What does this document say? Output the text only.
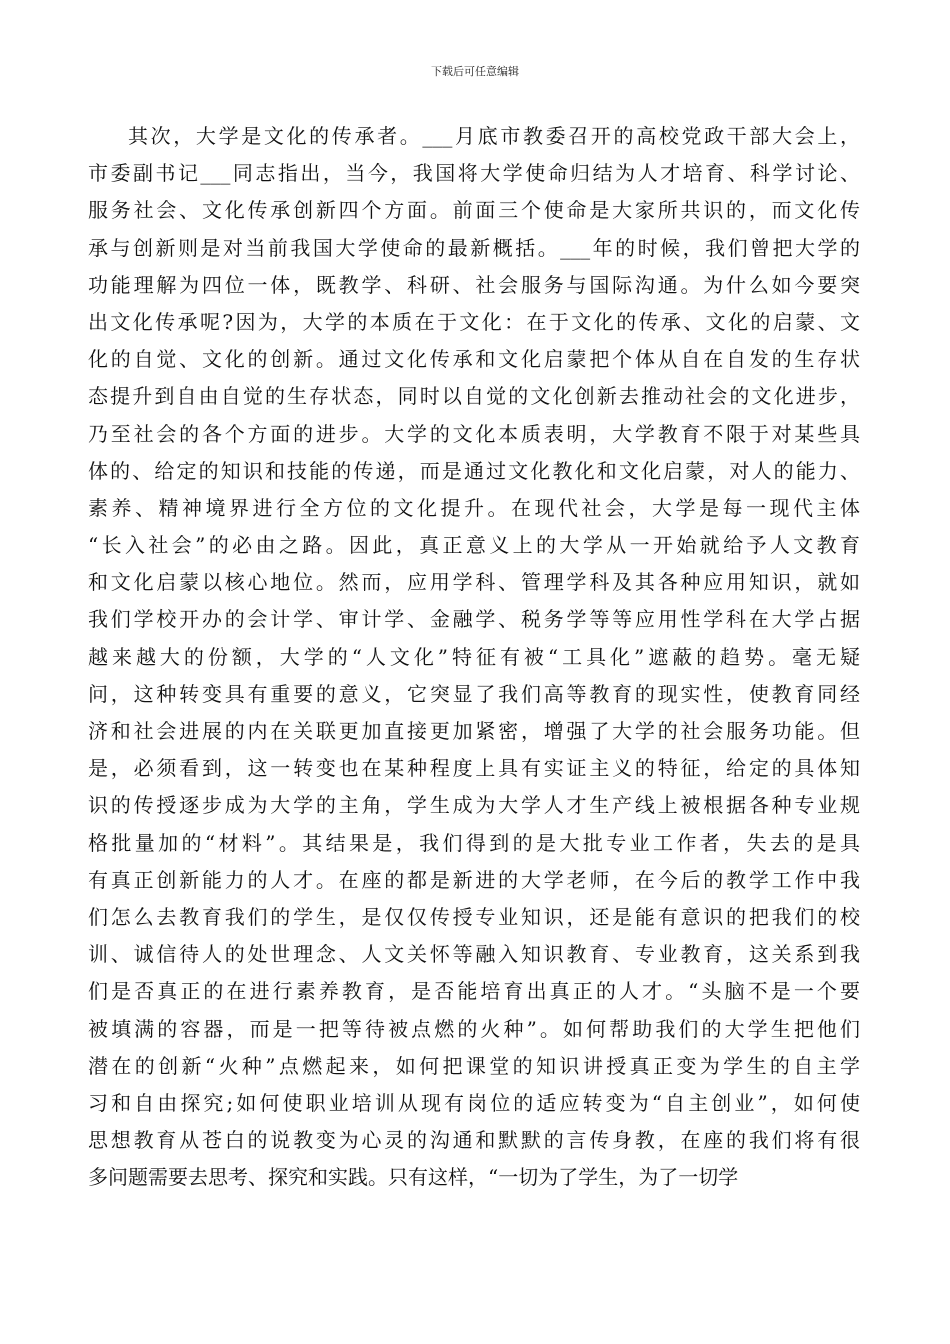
下载后可任意编辑
其次，大学是文化的传承者。___月底市教委召开的高校党政干部大会上，
市委副书记___同志指出，当今，我国将大学使命归结为人才培育、科学讨论、
服务社会、文化传承创新四个方面。前面三个使命是大家所共识的，而文化传
承与创新则是对当前我国大学使命的最新概括。___年的时候，我们曾把大学的
功能理解为四位一体，既教学、科研、社会服务与国际沟通。为什么如今要突
出文化传承呢?因为，大学的本质在于文化：在于文化的传承、文化的启蒙、文
化的自觉、文化的创新。通过文化传承和文化启蒙把个体从自在自发的生存状
态提升到自由自觉的生存状态，同时以自觉的文化创新去推动社会的文化进步，
乃至社会的各个方面的进步。大学的文化本质表明，大学教育不限于对某些具
体的、给定的知识和技能的传递，而是通过文化教化和文化启蒙，对人的能力、
素养、精神境界进行全方位的文化提升。在现代社会，大学是每一现代主体
“长入社会”的必由之路。因此，真正意义上的大学从一开始就给予人文教育
和文化启蒙以核心地位。然而，应用学科、管理学科及其各种应用知识，就如
我们学校开办的会计学、审计学、金融学、税务学等等应用性学科在大学占据
越来越大的份额，大学的“人文化”特征有被“工具化”遮蔽的趋势。毫无疑
问，这种转变具有重要的意义，它突显了我们高等教育的现实性，使教育同经
济和社会进展的内在关联更加直接更加紧密，增强了大学的社会服务功能。但
是，必须看到，这一转变也在某种程度上具有实证主义的特征，给定的具体知
识的传授逐步成为大学的主角，学生成为大学人才生产线上被根据各种专业规
格批量加的“材料”。其结果是，我们得到的是大批专业工作者，失去的是具
有真正创新能力的人才。在座的都是新进的大学老师，在今后的教学工作中我
们怎么去教育我们的学生，是仅仅传授专业知识，还是能有意识的把我们的校
训、诚信待人的处世理念、人文关怀等融入知识教育、专业教育，这关系到我
们是否真正的在进行素养教育，是否能培育出真正的人才。“头脑不是一个要
被填满的容器，而是一把等待被点燃的火种”。如何帮助我们的大学生把他们
潜在的创新“火种”点燃起来，如何把课堂的知识讲授真正变为学生的自主学
习和自由探究;如何使职业培训从现有岗位的适应转变为“自主创业”，如何使
思想教育从苍白的说教变为心灵的沟通和默默的言传身教，在座的我们将有很
多问题需要去思考、探究和实践。只有这样，“一切为了学生，为了一切学
